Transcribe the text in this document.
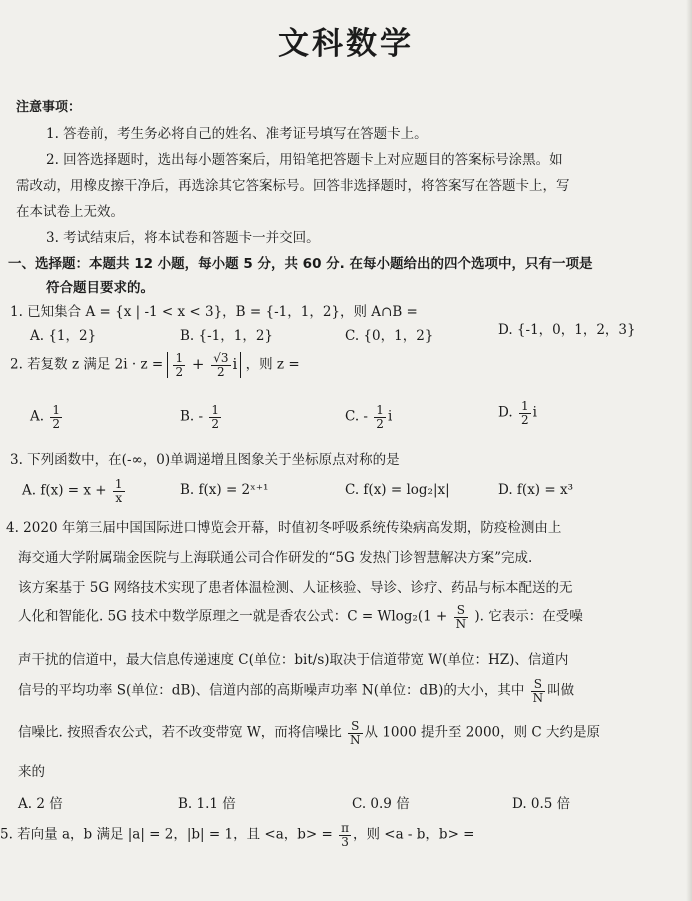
文科数学
注意事项：
1. 答卷前，考生务必将自己的姓名、准考证号填写在答题卡上。
2. 回答选择题时，选出每小题答案后，用铅笔把答题卡上对应题目的答案标号涂黑。如
需改动，用橡皮擦干净后，再选涂其它答案标号。回答非选择题时，将答案写在答题卡上，写
在本试卷上无效。
3. 考试结束后，将本试卷和答题卡一并交回。
一、选择题：本题共 12 小题，每小题 5 分，共 60 分. 在每小题给出的四个选项中，只有一项是
符合题目要求的。
1. 已知集合 A = {x | -1 < x < 3}，B = {-1，1，2}，则 A∩B =
A. {1，2}	B. {-1，1，2}	C. {0，1，2}	D. {-1，0，1，2，3}
2. 若复数 z 满足 $2i \cdot z = \frac{1}{2} + \frac{√3}{2}$ i ，则 z =
A. $\frac{1}{2}$	B. - $\frac{1}{2}$	C. - $\frac{1}{2}$ i	D. $\frac{1}{2}$ i
3. 下列函数中，在(-∞，0)单调递增且图象关于坐标原点对称的是
A. $f(x) = x + \frac{1}{x}$	B. f(x) = 2ˣ⁺¹	C. f(x) = log₂|x|	D. f(x) = x³
4. 2020 年第三届中国国际进口博览会开幕，时值初冬呼吸系统传染病高发期，防疫检测由上
海交通大学附属瑞金医院与上海联通公司合作研发的“5G 发热门诊智慧解决方案”完成.
该方案基于 5G 网络技术实现了患者体温检测、人证核验、导诊、诊疗、药品与标本配送的无
人化和智能化. 5G 技术中数学原理之一就是香农公式：$C = Wlog_2(1 + \frac{S}{N}$ ). 它表示：在受噪
声干扰的信道中，最大信息传递速度 C(单位：bit/s)取决于信道带宽 W(单位：HZ)、信道内
信号的平均功率 S(单位：dB)、信道内部的高斯噪声功率 N(单位：dB)的大小，其中 $\frac{S}{N}$ 叫做
信噪比. 按照香农公式，若不改变带宽 W，而将信噪比 $\frac{S}{N}$ 从 1000 提升至 2000，则 C 大约是原
来的
A. 2 倍	B. 1.1 倍	C. 0.9 倍	D. 0.5 倍
5. 若向量 a，b 满足 |a| = 2，|b| = 1，且 <a，$b> = \frac{\pi}{3}$ ，则 <a - b，b> =
